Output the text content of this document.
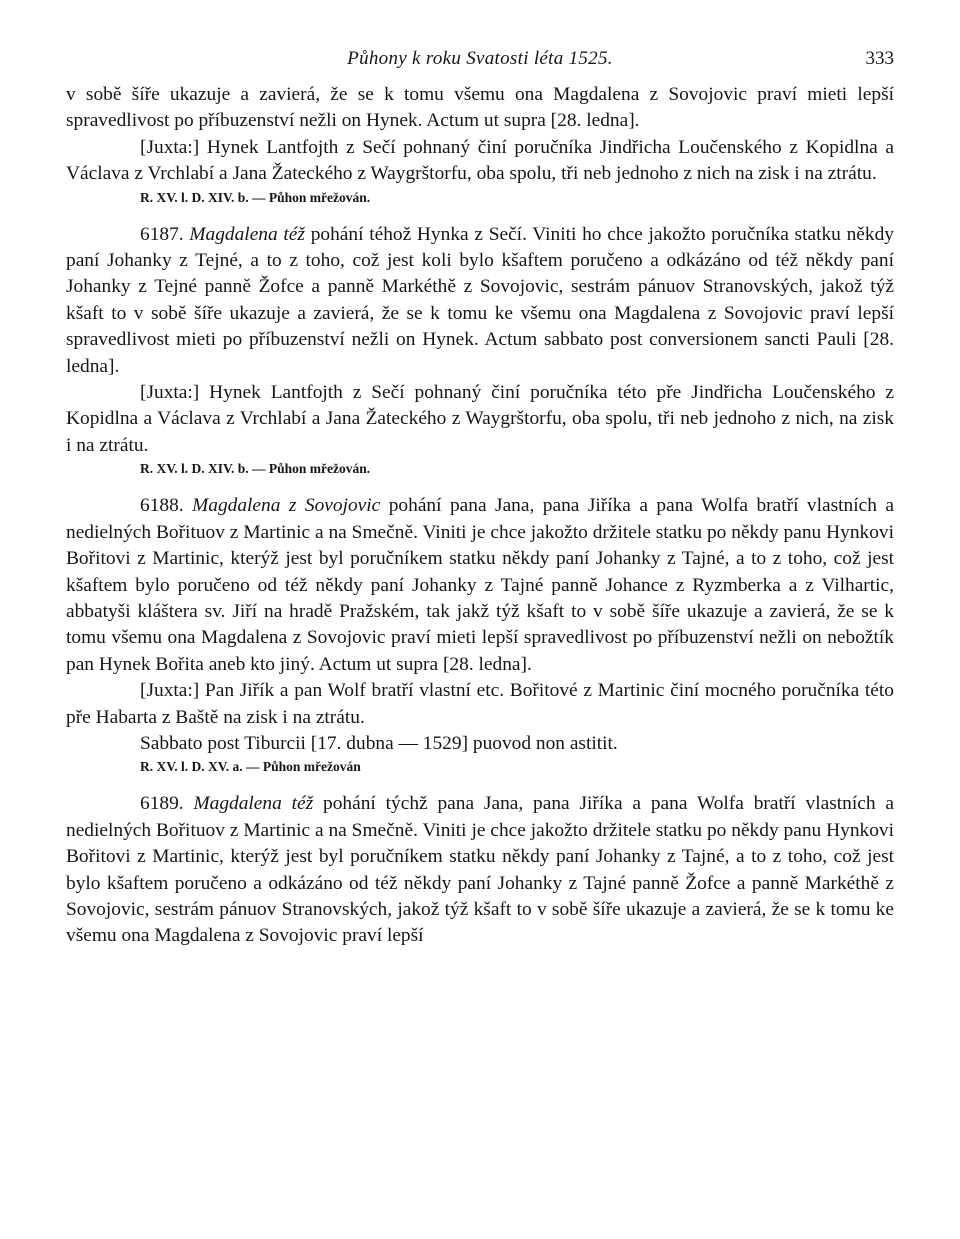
Půhony k roku Svatosti léta 1525.	333

v sobě šíře ukazuje a zavierá, že se k tomu všemu ona Magdalena z Sovojovic praví mieti lepší spravedlivost po příbuzenství nežli on Hynek. Actum ut supra [28. ledna].

[Juxta:] Hynek Lantfojth z Sečí pohnaný činí poručníka Jindřicha Loučenského z Kopidlna a Václava z Vrchlabí a Jana Žateckého z Waygrštorfu, oba spolu, tři neb jednoho z nich na zisk i na ztrátu.

R. XV. l. D. XIV. b. — Půhon mřežován.

6187. Magdalena též pohání téhož Hynka z Sečí. Viniti ho chce jakožto poručníka statku někdy paní Johanky z Tejné, a to z toho, což jest koli bylo kšaftem poručeno a odkázáno od též někdy paní Johanky z Tejné panně Žofce a panně Markéthě z Sovojovic, sestrám pánuov Stranovských, jakož týž kšaft to v sobě šíře ukazuje a zavierá, že se k tomu ke všemu ona Magdalena z Sovojovic praví lepší spravedlivost mieti po příbuzenství nežli on Hynek. Actum sabbato post conversionem sancti Pauli [28. ledna].

[Juxta:] Hynek Lantfojth z Sečí pohnaný činí poručníka této pře Jindřicha Loučenského z Kopidlna a Václava z Vrchlabí a Jana Žateckého z Waygrštorfu, oba spolu, tři neb jednoho z nich, na zisk i na ztrátu.

R. XV. l. D. XIV. b. — Půhon mřežován.

6188. Magdalena z Sovojovic pohání pana Jana, pana Jiříka a pana Wolfa bratří vlastních a nedielných Bořituov z Martinic a na Smečně. Viniti je chce jakožto držitele statku po někdy panu Hynkovi Bořitovi z Martinic, kterýž jest byl poručníkem statku někdy paní Johanky z Tajné, a to z toho, což jest kšaftem bylo poručeno od též někdy paní Johanky z Tajné panně Johance z Ryzmberka a z Vilhartic, abbatyši kláštera sv. Jiří na hradě Pražském, tak jakž týž kšaft to v sobě šíře ukazuje a zavierá, že se k tomu všemu ona Magdalena z Sovojovic praví mieti lepší spravedlivost po příbuzenství nežli on nebožtík pan Hynek Bořita aneb kto jiný. Actum ut supra [28. ledna].

[Juxta:] Pan Jiřík a pan Wolf bratří vlastní etc. Bořitové z Martinic činí mocného poručníka této pře Habarta z Baště na zisk i na ztrátu.

Sabbato post Tiburcii [17. dubna — 1529] puovod non astitit.

R. XV. l. D. XV. a. — Půhon mřežován

6189. Magdalena též pohání týchž pana Jana, pana Jiříka a pana Wolfa bratří vlastních a nedielných Bořituov z Martinic a na Smečně. Viniti je chce jakožto držitele statku po někdy panu Hynkovi Bořitovi z Martinic, kterýž jest byl poručníkem statku někdy paní Johanky z Tajné, a to z toho, což jest bylo kšaftem poručeno a odkázáno od též někdy paní Johanky z Tajné panně Žofce a panně Markéthě z Sovojovic, sestrám pánuov Stranovských, jakož týž kšaft to v sobě šíře ukazuje a zavierá, že se k tomu ke všemu ona Magdalena z Sovojovic praví lepší
